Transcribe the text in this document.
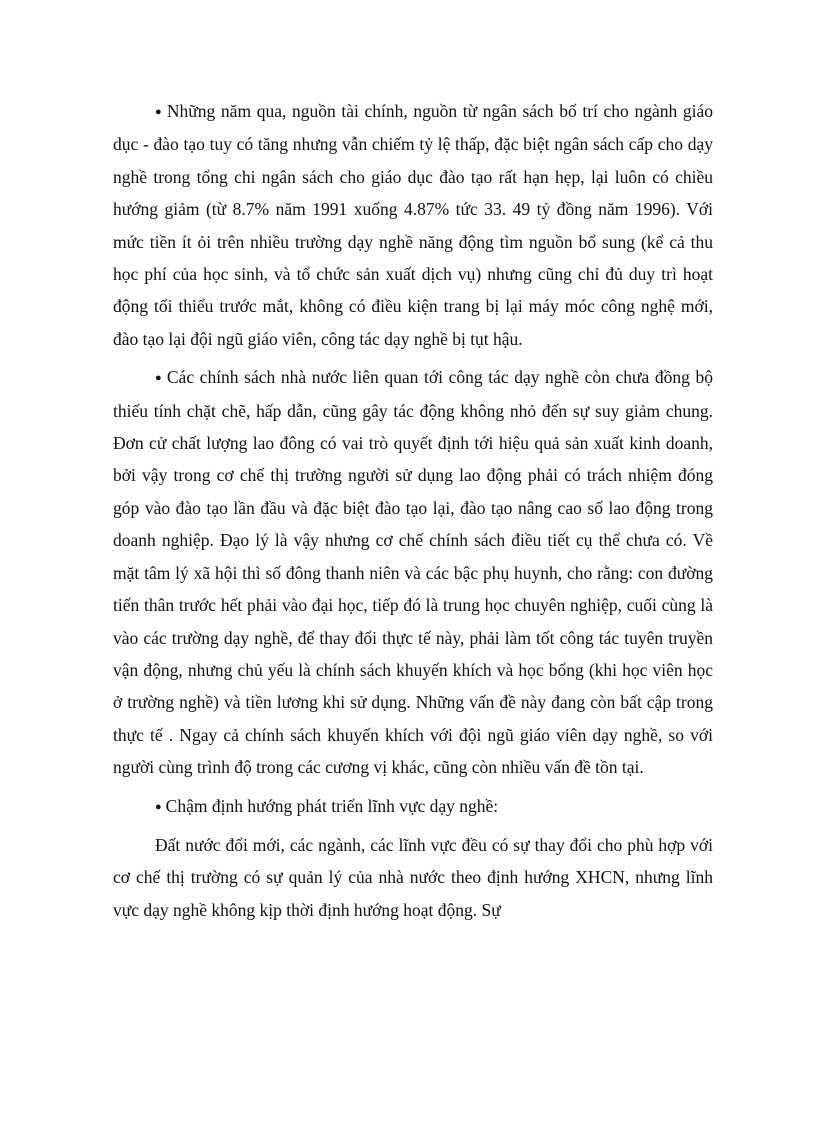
● Những năm qua, nguồn tài chính, nguồn từ ngân sách bố trí cho ngành giáo dục - đào tạo tuy có tăng nhưng vẫn chiếm tỷ lệ thấp, đặc biệt ngân sách cấp cho dạy nghề trong tổng chi ngân sách cho giáo dục đào tạo rất hạn hẹp, lại luôn có chiều hướng giảm (từ 8.7% năm 1991 xuống 4.87% tức 33. 49 tỷ đồng năm 1996). Với mức tiền ít ỏi trên nhiều trường dạy nghề năng động tìm nguồn bổ sung (kể cả thu học phí của học sinh, và tổ chức sản xuất dịch vụ) nhưng cũng chỉ đủ duy trì hoạt động tối thiểu trước mắt, không có điều kiện trang bị lại máy móc công nghệ mới, đào tạo lại đội ngũ giáo viên, công tác dạy nghề bị tụt hậu.

● Các chính sách nhà nước liên quan tới công tác dạy nghề còn chưa đồng bộ thiếu tính chặt chẽ, hấp dẫn, cũng gây tác động không nhỏ đến sự suy giảm chung. Đơn cử chất lượng lao đông có vai trò quyết định tới hiệu quả sản xuất kinh doanh, bởi vậy trong cơ chế thị trường người sử dụng lao động phải có trách nhiệm đóng góp vào đào tạo lần đầu và đặc biệt đào tạo lại, đào tạo nâng cao số lao động trong doanh nghiệp. Đạo lý là vậy nhưng cơ chế chính sách điều tiết cụ thể chưa có. Về mặt tâm lý xã hội thì số đông thanh niên và các bậc phụ huynh, cho rằng: con đường tiến thân trước hết phải vào đại học, tiếp đó là trung học chuyên nghiệp, cuối cùng là vào các trường dạy nghề, để thay đổi thực tế này, phải làm tốt công tác tuyên truyền vận động, nhưng chủ yếu là chính sách khuyến khích và học bổng (khi học viên học ở trường nghề) và tiền lương khi sử dụng. Những vấn đề này đang còn bất cập trong thực tế . Ngay cả chính sách khuyến khích với đội ngũ giáo viên dạy nghề, so với người cùng trình độ trong các cương vị khác, cũng còn nhiều vấn đề tồn tại.

● Chậm định hướng phát triển lĩnh vực dạy nghề:

Đất nước đổi mới, các ngành, các lĩnh vực đều có sự thay đổi cho phù hợp với cơ chế thị trường có sự quản lý của nhà nước theo định hướng XHCN, nhưng lĩnh vực dạy nghề không kịp thời định hướng hoạt động. Sự
